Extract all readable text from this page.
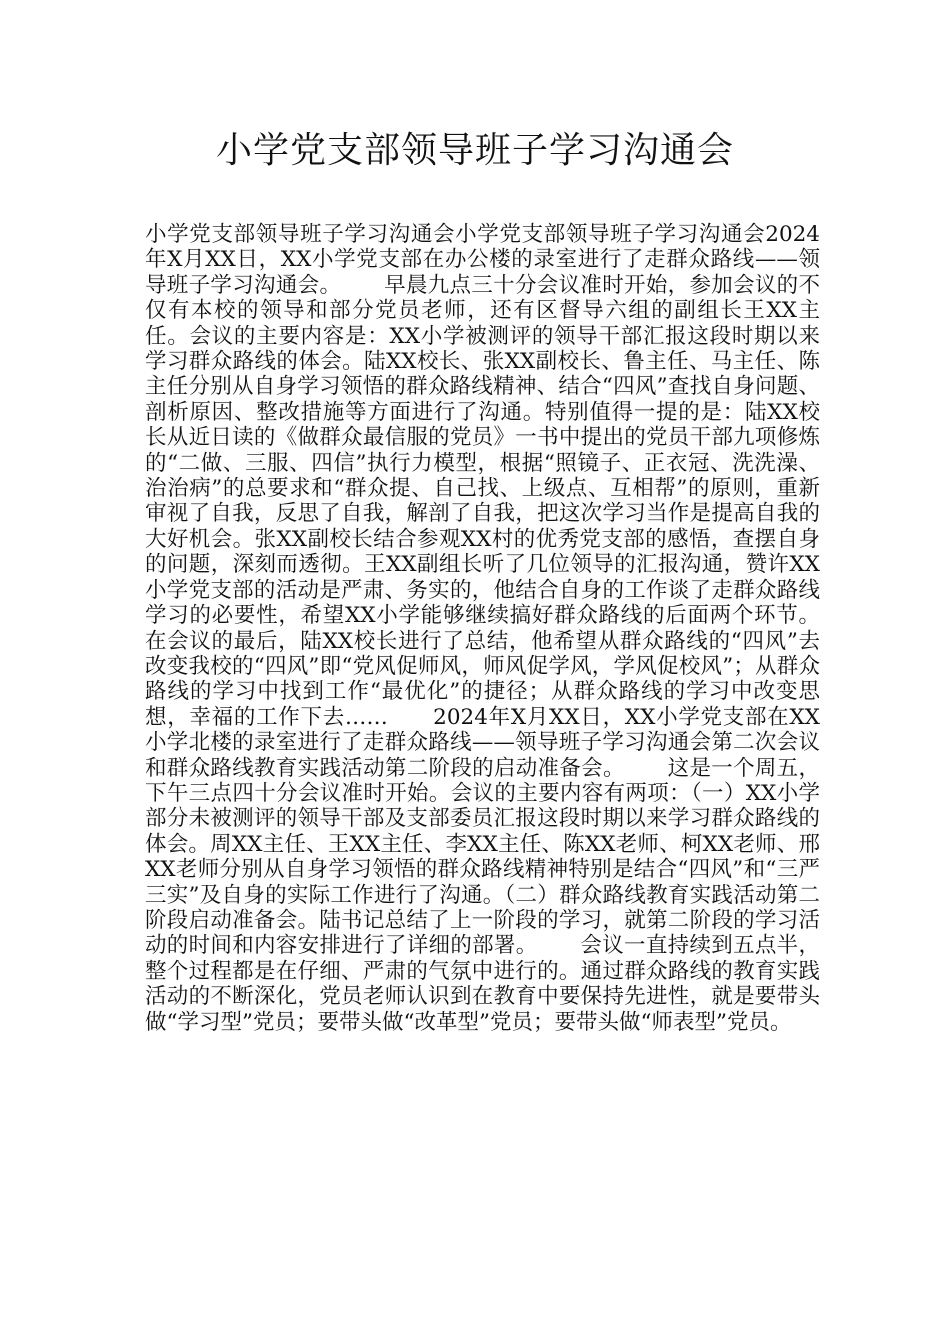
小学党支部领导班子学习沟通会

小学党支部领导班子学习沟通会小学党支部领导班子学习沟通会2024年X月XX日，XX小学党支部在办公楼的录室进行了走群众路线——领导班子学习沟通会。      早晨九点三十分会议准时开始，参加会议的不仅有本校的领导和部分党员老师，还有区督导六组的副组长王XX主任。会议的主要内容是：XX小学被测评的领导干部汇报这段时期以来学习群众路线的体会。陆XX校长、张XX副校长、鲁主任、马主任、陈主任分别从自身学习领悟的群众路线精神、结合“四风”查找自身问题、剖析原因、整改措施等方面进行了沟通。特别值得一提的是：陆XX校长从近日读的《做群众最信服的党员》一书中提出的党员干部九项修炼的“二做、三服、四信”执行力模型，根据“照镜子、正衣冠、洗洗澡、治治病”的总要求和“群众提、自己找、上级点、互相帮”的原则，重新审视了自我，反思了自我，解剖了自我，把这次学习当作是提高自我的大好机会。张XX副校长结合参观XX村的优秀党支部的感悟，查摆自身的问题，深刻而透彻。王XX副组长听了几位领导的汇报沟通，赞许XX小学党支部的活动是严肃、务实的，他结合自身的工作谈了走群众路线学习的必要性，希望XX小学能够继续搞好群众路线的后面两个环节。在会议的最后，陆XX校长进行了总结，他希望从群众路线的“四风”去改变我校的“四风”即“党风促师风，师风促学风，学风促校风”；从群众路线的学习中找到工作“最优化”的捷径；从群众路线的学习中改变思想，幸福的工作下去……      2024年X月XX日，XX小学党支部在XX小学北楼的录室进行了走群众路线——领导班子学习沟通会第二次会议和群众路线教育实践活动第二阶段的启动准备会。      这是一个周五，下午三点四十分会议准时开始。会议的主要内容有两项：（一）XX小学部分未被测评的领导干部及支部委员汇报这段时期以来学习群众路线的体会。周XX主任、王XX主任、李XX主任、陈XX老师、柯XX老师、邢XX老师分别从自身学习领悟的群众路线精神特别是结合“四风”和“三严三实”及自身的实际工作进行了沟通。（二）群众路线教育实践活动第二阶段启动准备会。陆书记总结了上一阶段的学习，就第二阶段的学习活动的时间和内容安排进行了详细的部署。      会议一直持续到五点半，整个过程都是在仔细、严肃的气氛中进行的。通过群众路线的教育实践活动的不断深化，党员老师认识到在教育中要保持先进性，就是要带头做“学习型”党员；要带头做“改革型”党员；要带头做“师表型”党员。
